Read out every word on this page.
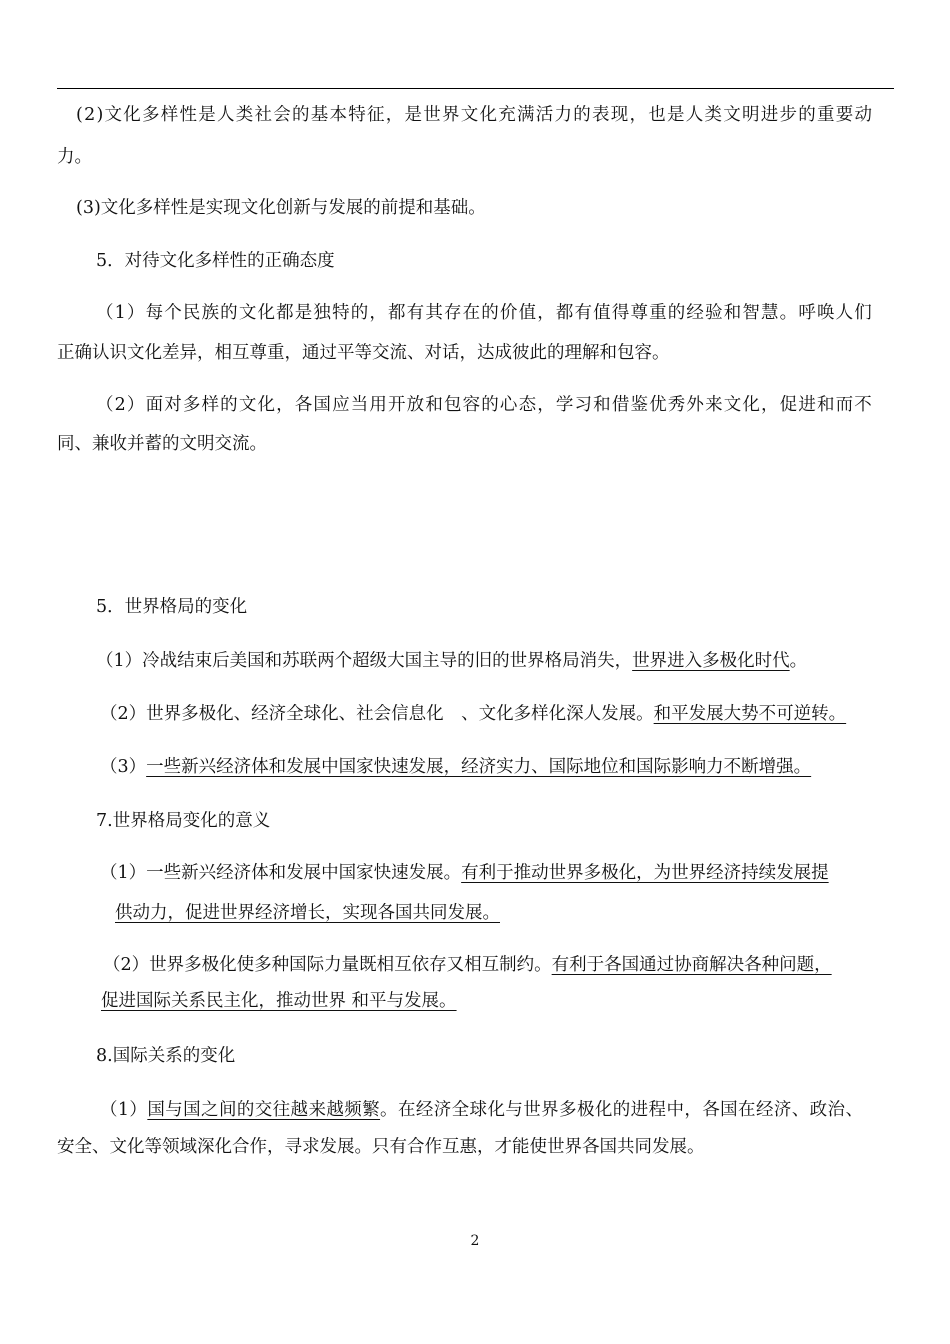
(2)文化多样性是人类社会的基本特征，是世界文化充满活力的表现，也是人类文明进步的重要动

力。

(3)文化多样性是实现文化创新与发展的前提和基础。

5．对待文化多样性的正确态度

（1）每个民族的文化都是独特的，都有其存在的价值，都有值得尊重的经验和智慧。呼唤人们

正确认识文化差异，相互尊重，通过平等交流、对话，达成彼此的理解和包容。

（2）面对多样的文化，各国应当用开放和包容的心态，学习和借鉴优秀外来文化，促进和而不

同、兼收并蓄的文明交流。

5．世界格局的变化

（1）冷战结束后美国和苏联两个超级大国主导的旧的世界格局消失，世界进入多极化时代。

（2）世界多极化、经济全球化、社会信息化　、文化多样化深人发展。和平发展大势不可逆转。

（3）一些新兴经济体和发展中国家快速发展，经济实力、国际地位和国际影响力不断增强。

7.世界格局变化的意义

（1）一些新兴经济体和发展中国家快速发展。有利于推动世界多极化，为世界经济持续发展提

供动力，促进世界经济增长，实现各国共同发展。

（2）世界多极化使多种国际力量既相互依存又相互制约。有利于各国通过协商解决各种问题，

促进国际关系民主化，推动世界 和平与发展。

8.国际关系的变化

（1）国与国之间的交往越来越频繁。在经济全球化与世界多极化的进程中，各国在经济、政治、

安全、文化等领域深化合作，寻求发展。只有合作互惠，才能使世界各国共同发展。

2
